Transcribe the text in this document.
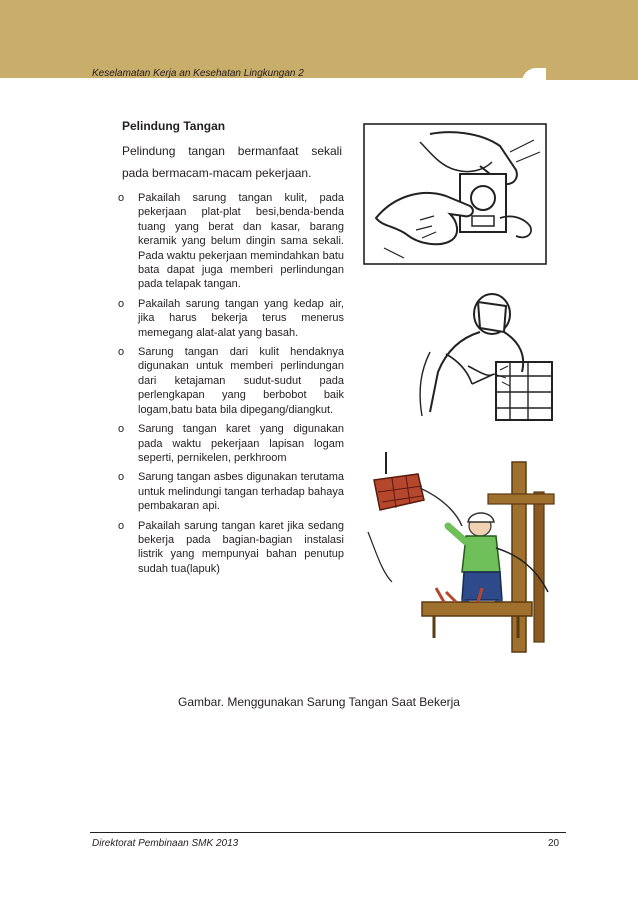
Keselamatan Kerja an Kesehatan Lingkungan 2
Pelindung Tangan
Pelindung tangan bermanfaat sekali pada bermacam-macam pekerjaan.
o Pakailah sarung tangan kulit, pada pekerjaan plat-plat besi,benda-benda tuang yang berat dan kasar, barang keramik yang belum dingin sama sekali. Pada waktu pekerjaan memindahkan batu bata dapat juga memberi perlindungan pada telapak tangan.
o Pakailah sarung tangan yang kedap air, jika harus bekerja terus menerus memegang alat-alat yang basah.
o Sarung tangan dari kulit hendaknya digunakan untuk memberi perlindungan dari ketajaman sudut-sudut pada perlengkapan yang berbobot baik logam,batu bata bila dipegang/diangkut.
o Sarung tangan karet yang digunakan pada waktu pekerjaan lapisan logam seperti, pernikelen, perkhroom
o Sarung tangan asbes digunakan terutama untuk melindungi tangan terhadap bahaya pembakaran api.
o Pakailah sarung tangan karet jika sedang bekerja pada bagian-bagian instalasi listrik yang mempunyai bahan penutup sudah tua(lapuk)
Gambar. Menggunakan Sarung Tangan Saat Bekerja
Direktorat Pembinaan SMK 2013	20
